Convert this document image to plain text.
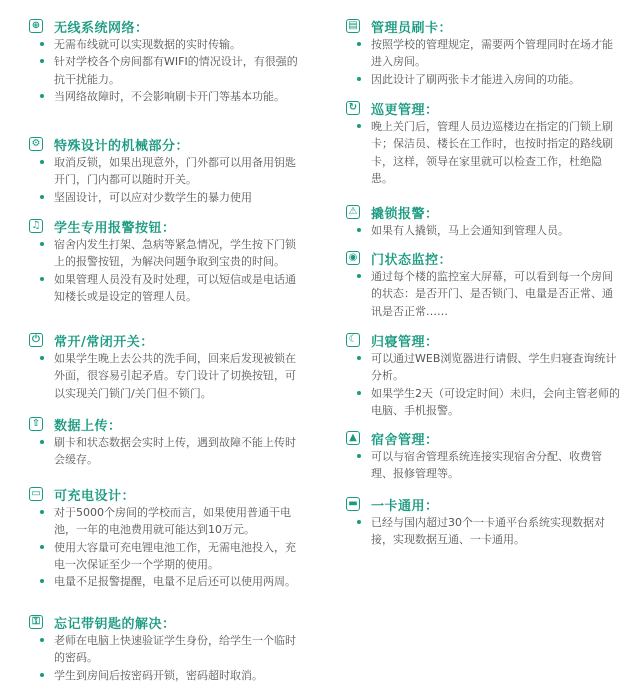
⊕ 无线系统网络：
无需布线就可以实现数据的实时传输。
针对学校各个房间都有WIFI的情况设计，有很强的抗干扰能力。
当网络故障时，不会影响刷卡开门等基本功能。
⚙ 特殊设计的机械部分：
取消反锁，如果出现意外，门外都可以用备用钥匙开门，门内都可以随时开关。
坚固设计，可以应对少数学生的暴力使用
♫ 学生专用报警按钮：
宿舍内发生打架、急病等紧急情况，学生按下门锁上的报警按钮，为解决问题争取到宝贵的时间。
如果管理人员没有及时处理，可以短信或是电话通知楼长或是设定的管理人员。
⏻ 常开/常闭开关：
如果学生晚上去公共的洗手间，回来后发现被锁在外面，很容易引起矛盾。专门设计了切换按钮，可以实现关门锁门/关门但不锁门。
⇧ 数据上传：
刷卡和状态数据会实时上传，遇到故障不能上传时会缓存。
▭ 可充电设计：
对于5000个房间的学校而言，如果使用普通干电池，一年的电池费用就可能达到10万元。
使用大容量可充电锂电池工作，无需电池投入，充电一次保证至少一个学期的使用。
电量不足报警提醒，电量不足后还可以使用两周。
⚿ 忘记带钥匙的解决：
老师在电脑上快速验证学生身份，给学生一个临时的密码。
学生到房间后按密码开锁，密码超时取消。
▤ 管理员刷卡：
按照学校的管理规定，需要两个管理同时在场才能进入房间。
因此设计了刷两张卡才能进入房间的功能。
↻ 巡更管理：
晚上关门后，管理人员边巡楼边在指定的门锁上刷卡；保洁员、楼长在工作时，也按时指定的路线刷卡，这样，领导在家里就可以检查工作，杜绝隐患。
⚠ 撬锁报警：
如果有人撬锁，马上会通知到管理人员。
◉ 门状态监控：
通过每个楼的监控室大屏幕，可以看到每一个房间的状态：是否开门、是否锁门、电量是否正常、通讯是否正常……
☾ 归寝管理：
可以通过WEB浏览器进行请假、学生归寝查询统计分析。
如果学生2天（可设定时间）未归，会向主管老师的电脑、手机报警。
▲ 宿舍管理：
可以与宿舍管理系统连接实现宿舍分配、收费管理、报修管理等。
▬ 一卡通用：
已经与国内超过30个一卡通平台系统实现数据对接，实现数据互通、一卡通用。
